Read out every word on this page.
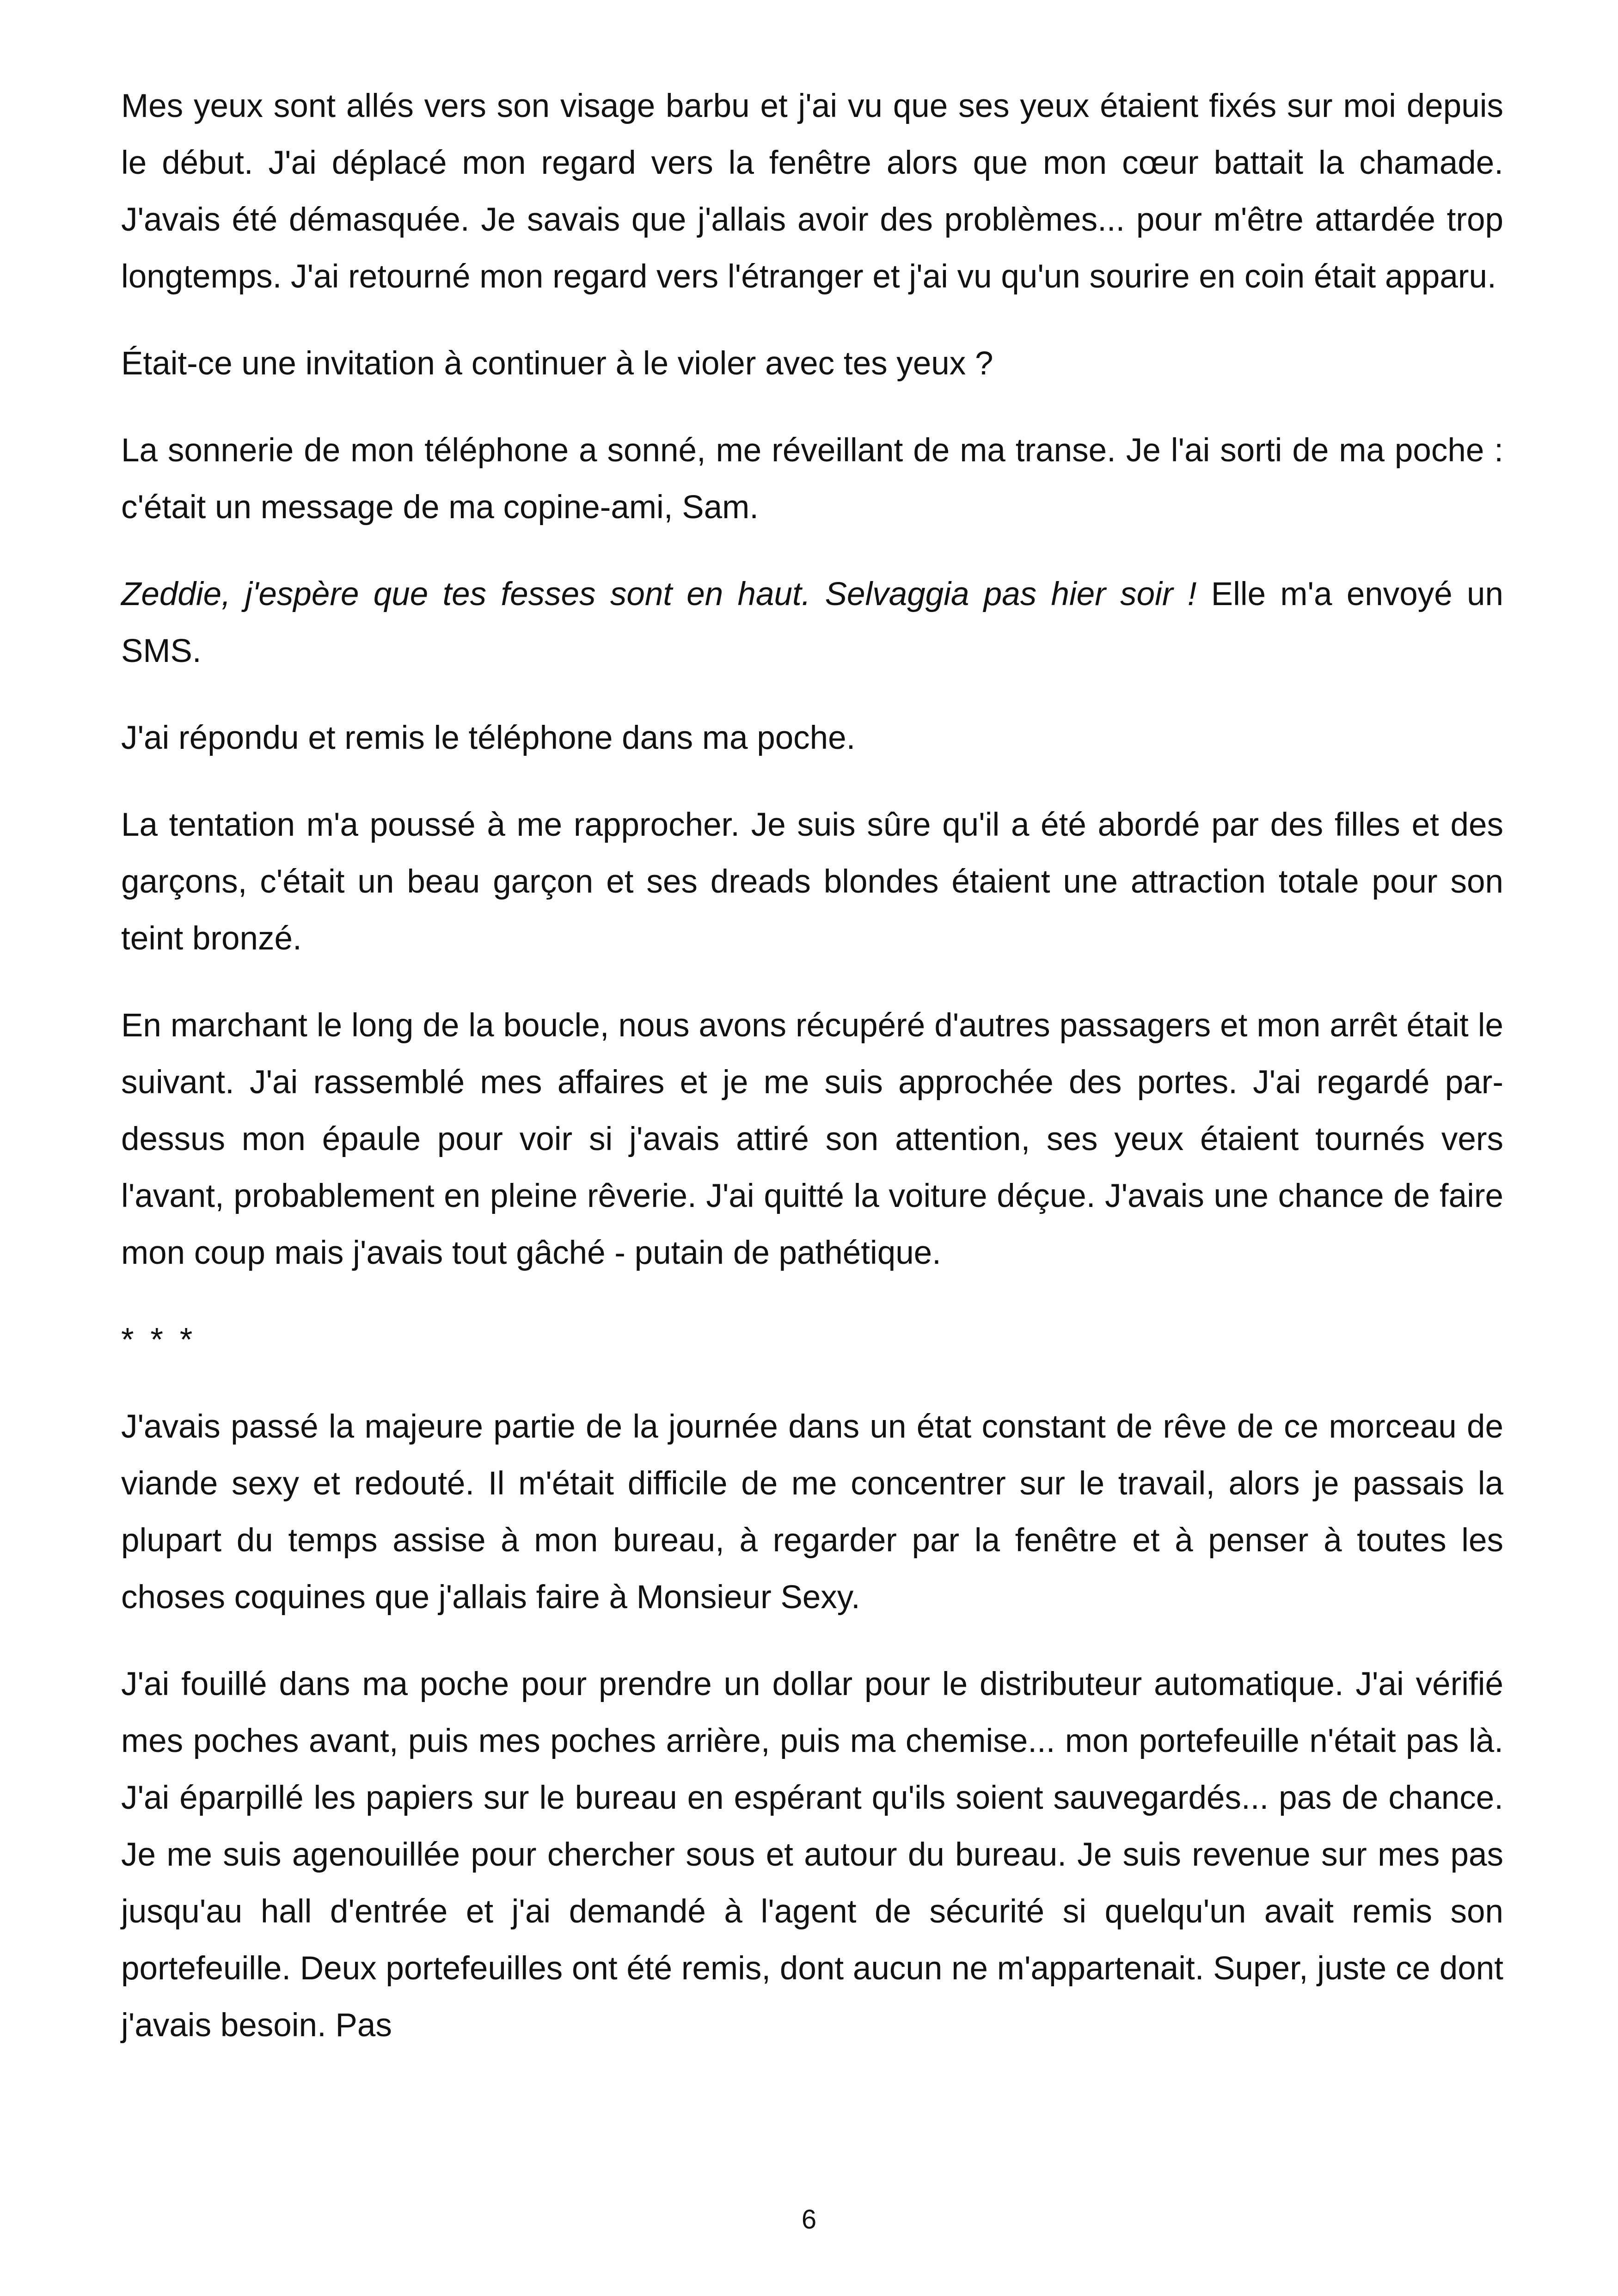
Mes yeux sont allés vers son visage barbu et j'ai vu que ses yeux étaient fixés sur moi depuis le début. J'ai déplacé mon regard vers la fenêtre alors que mon cœur battait la chamade. J'avais été démasquée. Je savais que j'allais avoir des problèmes... pour m'être attardée trop longtemps. J'ai retourné mon regard vers l'étranger et j'ai vu qu'un sourire en coin était apparu.

Était-ce une invitation à continuer à le violer avec tes yeux ?

La sonnerie de mon téléphone a sonné, me réveillant de ma transe. Je l'ai sorti de ma poche : c'était un message de ma copine-ami, Sam.

Zeddie, j'espère que tes fesses sont en haut. Selvaggia pas hier soir ! Elle m'a envoyé un SMS.

J'ai répondu et remis le téléphone dans ma poche.

La tentation m'a poussé à me rapprocher. Je suis sûre qu'il a été abordé par des filles et des garçons, c'était un beau garçon et ses dreads blondes étaient une attraction totale pour son teint bronzé.

En marchant le long de la boucle, nous avons récupéré d'autres passagers et mon arrêt était le suivant. J'ai rassemblé mes affaires et je me suis approchée des portes. J'ai regardé par-dessus mon épaule pour voir si j'avais attiré son attention, ses yeux étaient tournés vers l'avant, probablement en pleine rêverie. J'ai quitté la voiture déçue. J'avais une chance de faire mon coup mais j'avais tout gâché - putain de pathétique.

* * *

J'avais passé la majeure partie de la journée dans un état constant de rêve de ce morceau de viande sexy et redouté. Il m'était difficile de me concentrer sur le travail, alors je passais la plupart du temps assise à mon bureau, à regarder par la fenêtre et à penser à toutes les choses coquines que j'allais faire à Monsieur Sexy.

J'ai fouillé dans ma poche pour prendre un dollar pour le distributeur automatique. J'ai vérifié mes poches avant, puis mes poches arrière, puis ma chemise... mon portefeuille n'était pas là. J'ai éparpillé les papiers sur le bureau en espérant qu'ils soient sauvegardés... pas de chance. Je me suis agenouillée pour chercher sous et autour du bureau. Je suis revenue sur mes pas jusqu'au hall d'entrée et j'ai demandé à l'agent de sécurité si quelqu'un avait remis son portefeuille. Deux portefeuilles ont été remis, dont aucun ne m'appartenait. Super, juste ce dont j'avais besoin. Pas

6
